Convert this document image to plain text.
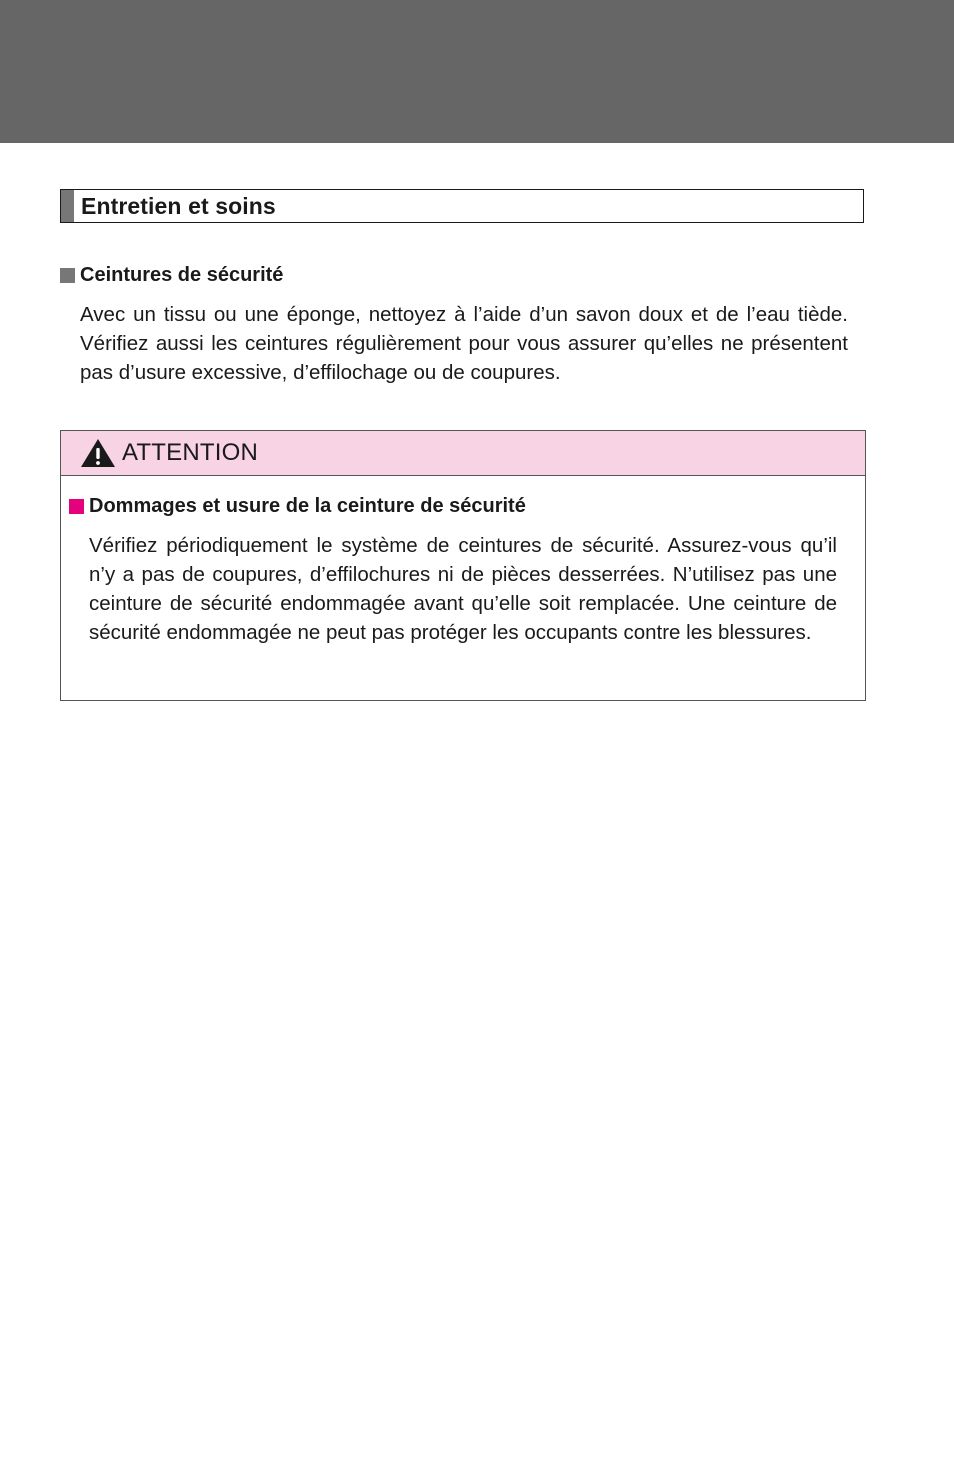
Entretien et soins
Ceintures de sécurité

Avec un tissu ou une éponge, nettoyez à l’aide d’un savon doux et de l’eau tiède. Vérifiez aussi les ceintures régulièrement pour vous assurer qu’elles ne présentent pas d’usure excessive, d’effilochage ou de coupures.

ATTENTION
Dommages et usure de la ceinture de sécurité

Vérifiez périodiquement le système de ceintures de sécurité. Assurez-vous qu’il n’y a pas de coupures, d’effilochures ni de pièces desserrées. N’utilisez pas une ceinture de sécurité endommagée avant qu’elle soit remplacée. Une ceinture de sécurité endommagée ne peut pas protéger les occupants contre les blessures.
